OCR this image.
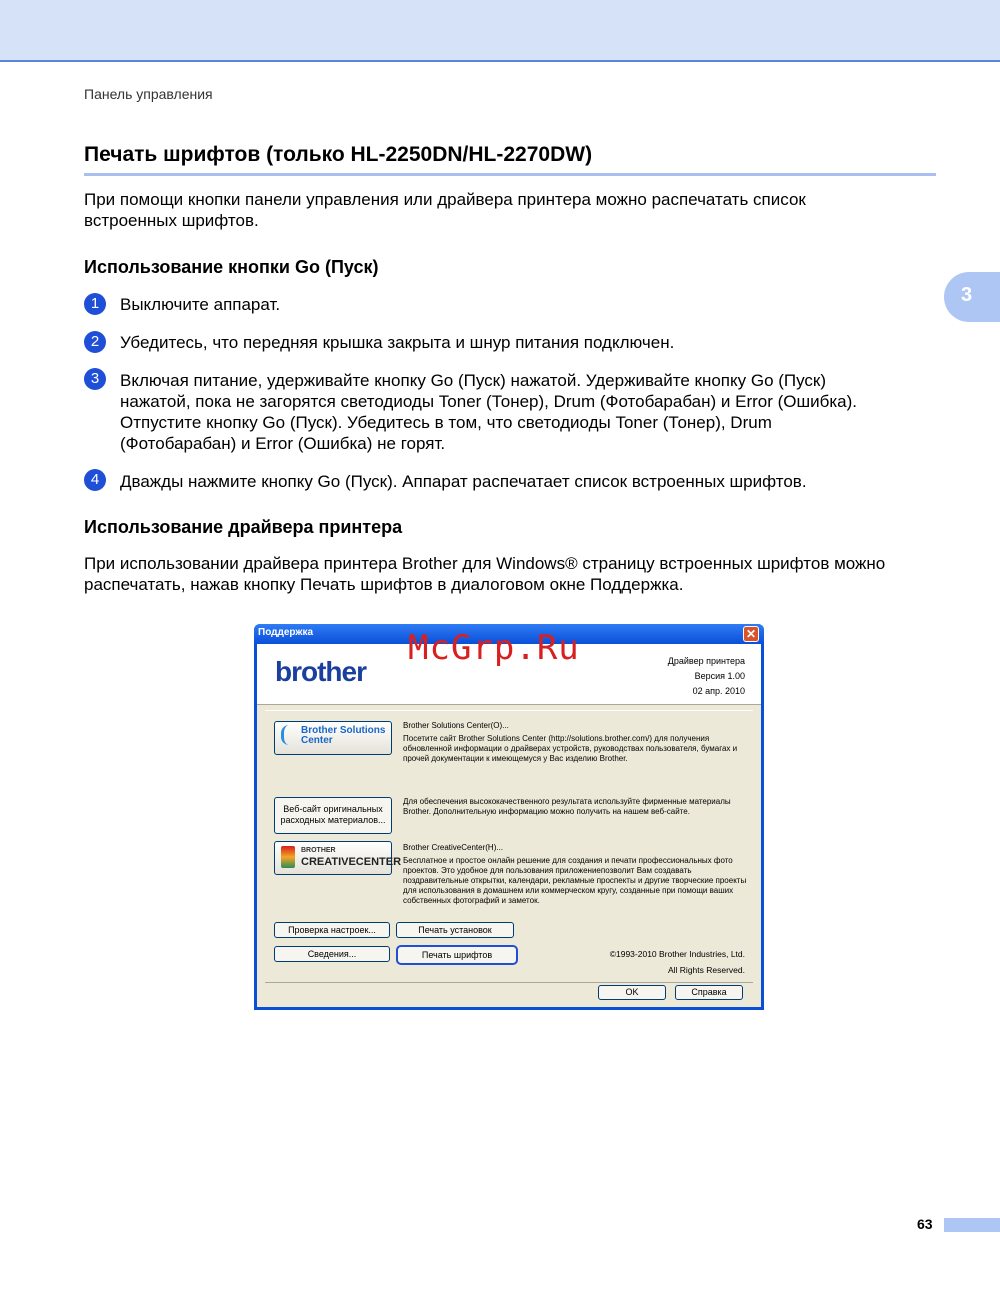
Панель управления
Печать шрифтов (только HL-2250DN/HL-2270DW)

При помощи кнопки панели управления или драйвера принтера можно распечатать список

встроенных шрифтов.

3
Использование кнопки Go (Пуск)
1	Выключите аппарат.

2	Убедитесь, что передняя крышка закрыта и шнур питания подключен.

3	Включая питание, удерживайте кнопку Go (Пуск) нажатой. Удерживайте кнопку Go (Пуск)

нажатой, пока не загорятся светодиоды Toner (Тонер), Drum (Фотобарабан) и Error (Ошибка).

Отпустите кнопку Go (Пуск). Убедитесь в том, что светодиоды Toner (Тонер), Drum

(Фотобарабан) и Error (Ошибка) не горят.

4	Дважды нажмите кнопку Go (Пуск). Аппарат распечатает список встроенных шрифтов.

Использование драйвера принтера

При использовании драйвера принтера Brother для Windows® страницу встроенных шрифтов можно

распечатать, нажав кнопку Печать шрифтов в диалоговом окне Поддержка.

Поддержка	✕
brother	Драйвер принтера
Версия 1.00
02 апр. 2010
Brother Solutions Center
Brother Solutions Center(O)...
Посетите сайт Brother Solutions Center (http://solutions.brother.com/) для получения обновленной информации о драйверах устройств, руководствах пользователя, бумагах и прочей документации к имеющемуся у Вас изделию Brother.
Веб-сайт оригинальных
расходных материалов...
Для обеспечения высококачественного результата используйте фирменные материалы Brother. Дополнительную информацию можно получить на нашем веб-сайте.
BROTHER
CREATIVECENTER
Brother CreativeCenter(H)...
Бесплатное и простое онлайн решение для создания и печати профессиональных фото проектов. Это удобное для пользования приложениепозволит Вам создавать поздравительные открытки, календари, рекламные проспекты и другие творческие проекты для использования в домашнем или коммерческом кругу, созданные при помощи ваших собственных фотографий и заметок.
Проверка настроек...	Печать установок
Сведения...	Печать шрифтов	©1993-2010 Brother Industries, Ltd.
All Rights Reserved.
OK	Справка
McGrp.Ru
63
